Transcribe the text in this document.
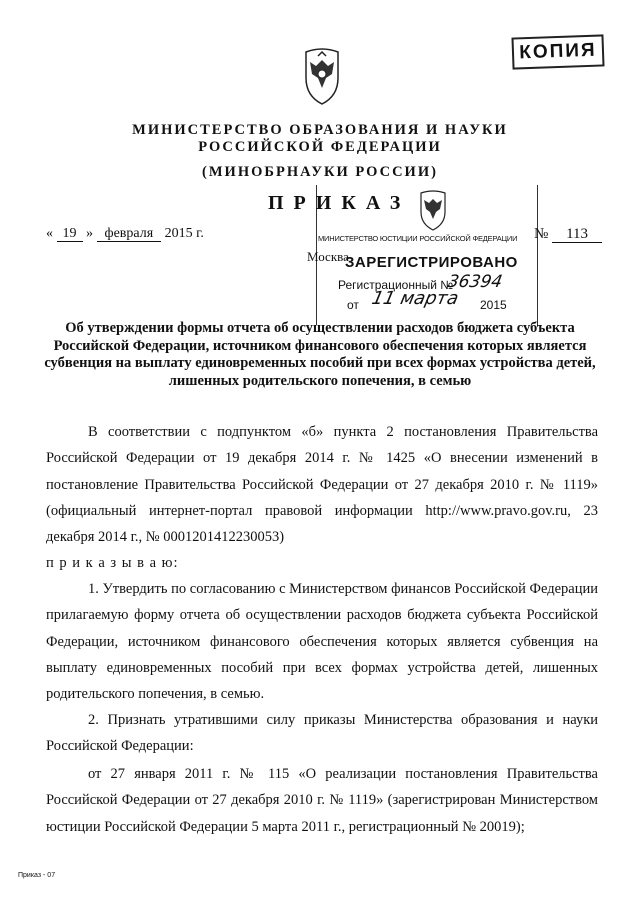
КОПИЯ
МИНИСТЕРСТВО ОБРАЗОВАНИЯ И НАУКИ
РОССИЙСКОЙ ФЕДЕРАЦИИ
(МИНОБРНАУКИ РОССИИ)
ПРИКАЗ
« 19 » февраля 2015 г.	МИНИСТЕРСТВО ЮСТИЦИИ РОССИЙСКОЙ ФЕДЕРАЦИИ № 113
Москва
ЗАРЕГИСТРИРОВАНО
Регистрационный №
36394
от 11 марта 2015
Об утверждении формы отчета об осуществлении расходов бюджета субъекта Российской Федерации, источником финансового обеспечения которых является субвенция на выплату единовременных пособий при всех формах устройства детей, лишенных родительского попечения, в семью
В соответствии с подпунктом «б» пункта 2 постановления Правительства Российской Федерации от 19 декабря 2014 г. № 1425 «О внесении изменений в постановление Правительства Российской Федерации от 27 декабря 2010 г. № 1119» (официальный интернет-портал правовой информации http://www.pravo.gov.ru, 23 декабря 2014 г., № 0001201412230053)
п р и к а з ы в а ю:
1. Утвердить по согласованию с Министерством финансов Российской Федерации прилагаемую форму отчета об осуществлении расходов бюджета субъекта Российской Федерации, источником финансового обеспечения которых является субвенция на выплату единовременных пособий при всех формах устройства детей, лишенных родительского попечения, в семью.
2. Признать утратившими силу приказы Министерства образования и науки Российской Федерации:
от 27 января 2011 г. № 115 «О реализации постановления Правительства Российской Федерации от 27 декабря 2010 г. № 1119» (зарегистрирован Министерством юстиции Российской Федерации 5 марта 2011 г., регистрационный № 20019);
Приказ - 07
